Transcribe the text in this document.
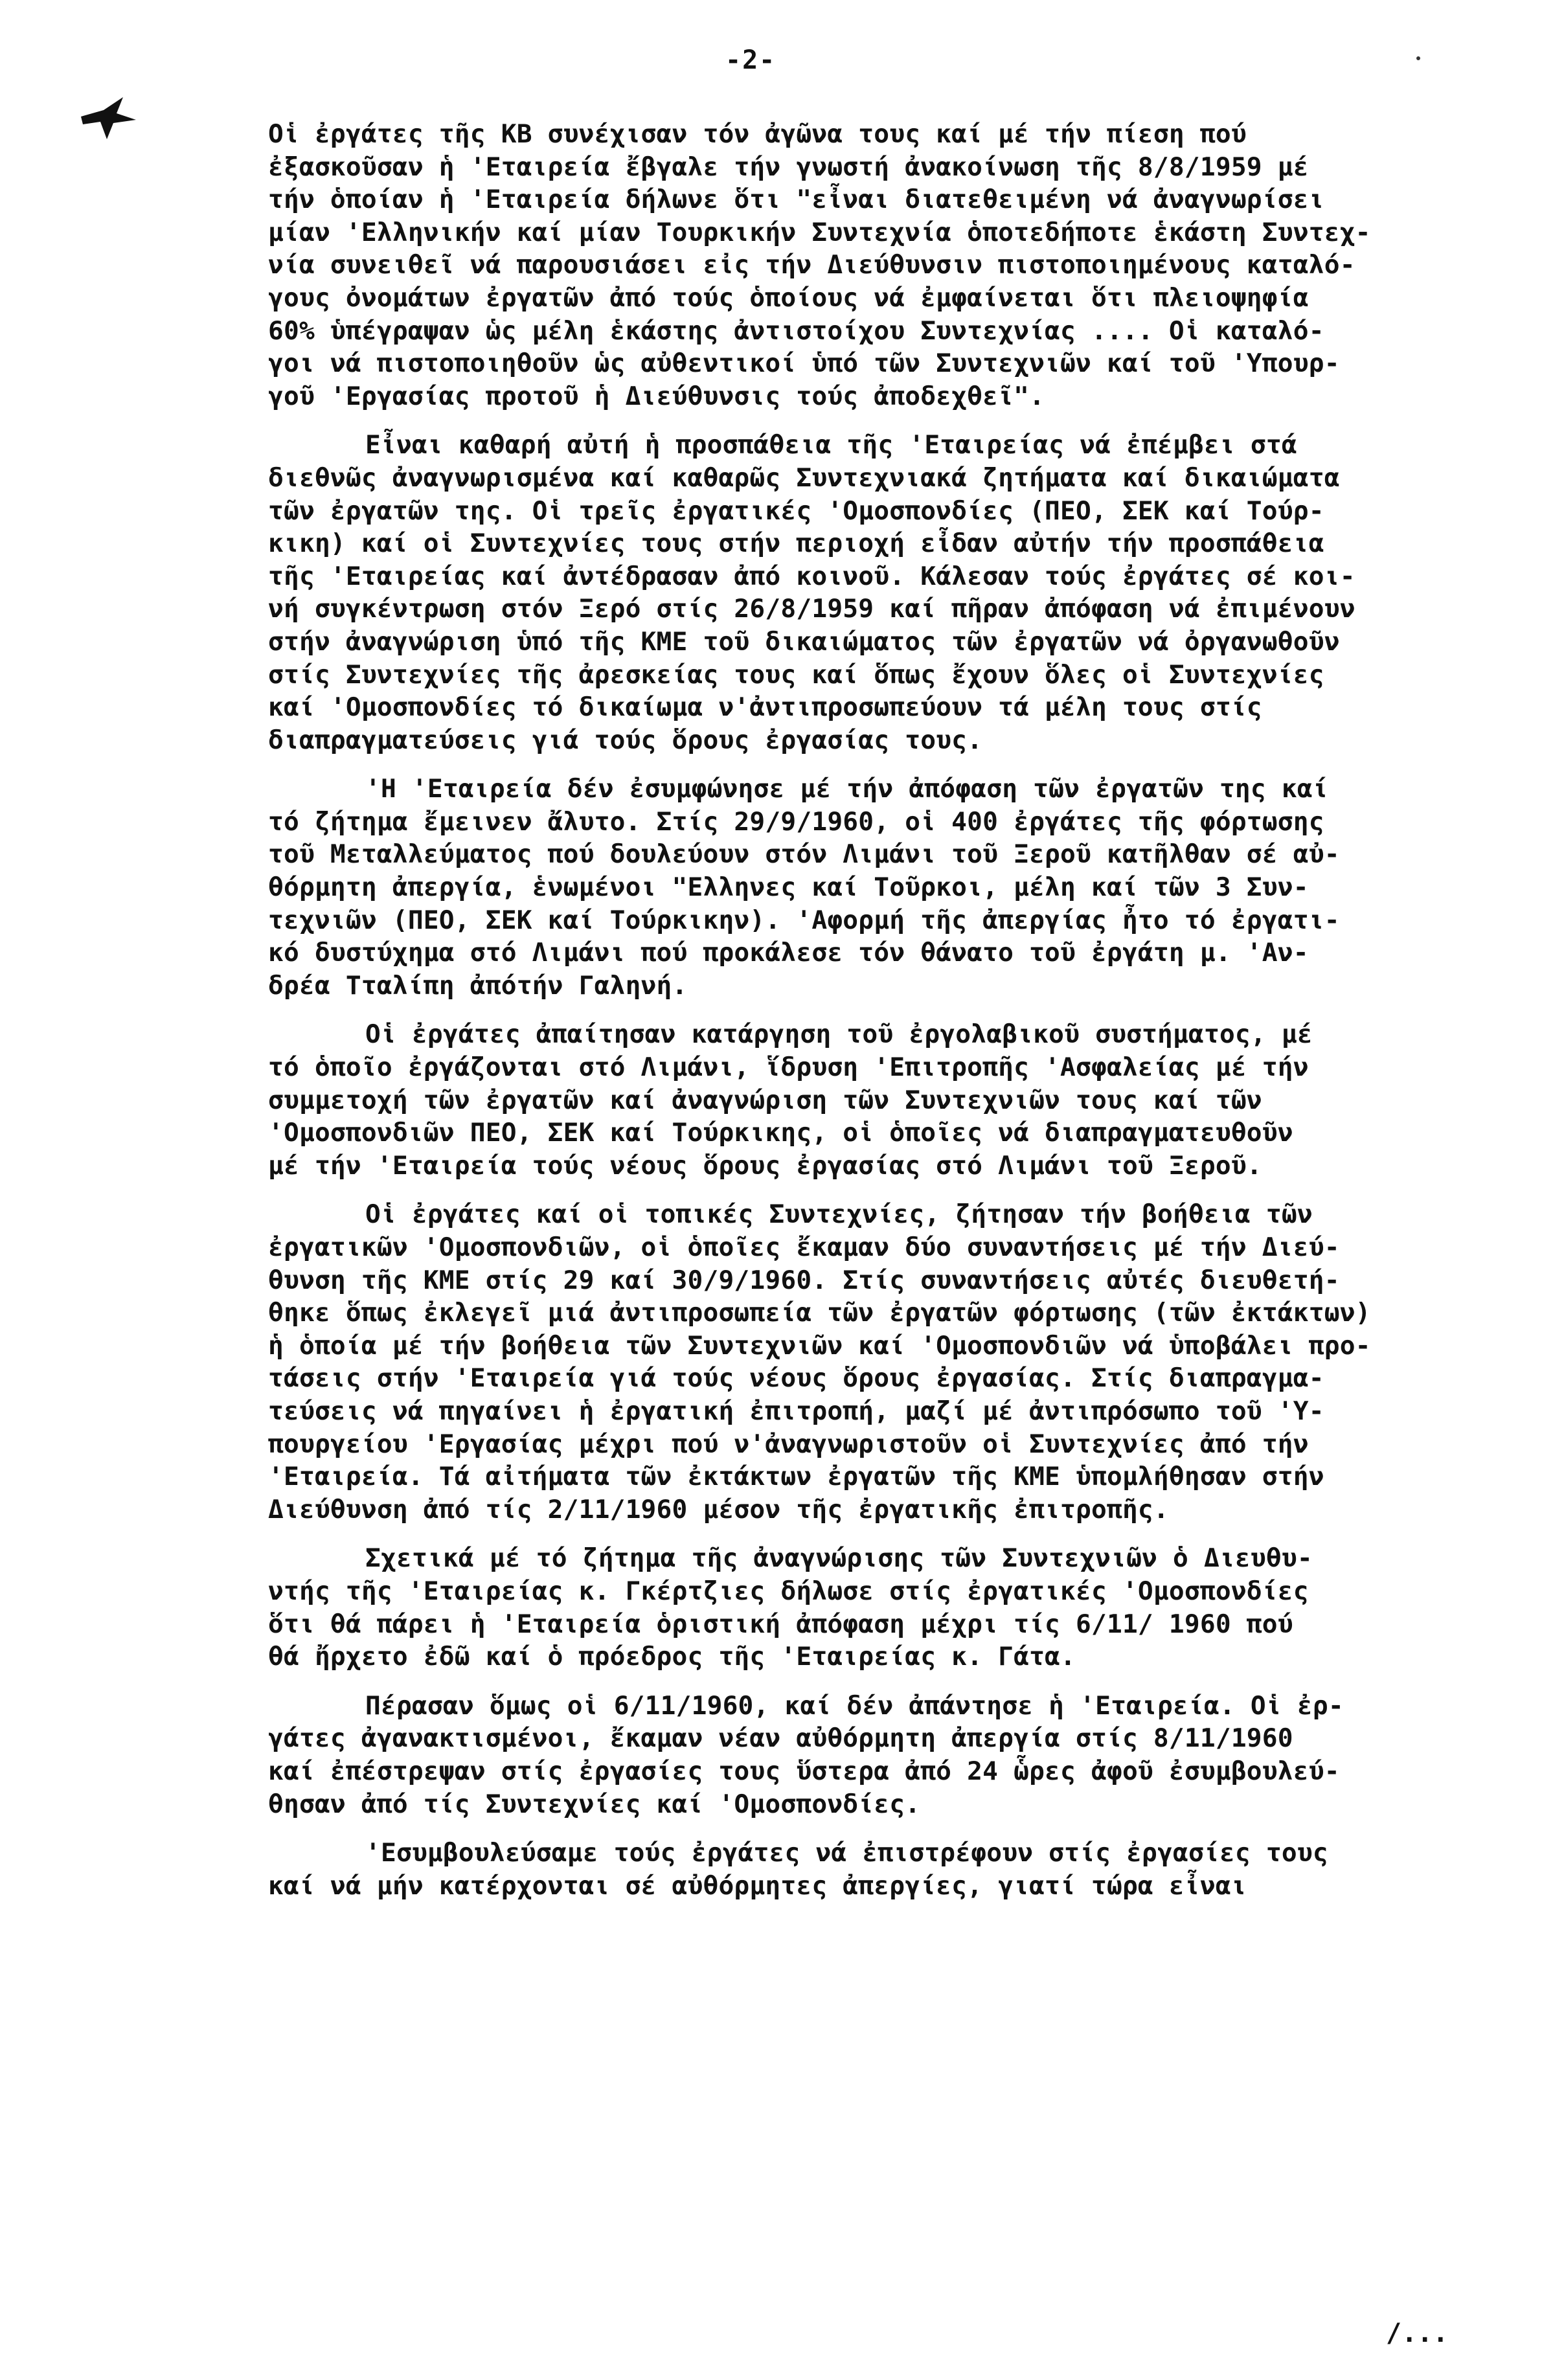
-2-
Οἱ ἐργάτες τῆς ΚΒ συνέχισαν τόν ἀγῶνα τους καί μέ τήν πίεση πού
ἐξασκοῦσαν ἡ 'Εταιρεία ἔβγαλε τήν γνωστή ἀνακοίνωση τῆς 8/8/1959 μέ
τήν ὁποίαν ἡ 'Εταιρεία δήλωνε ὅτι "εἶναι διατεθειμένη νά ἀναγνωρίσει
μίαν 'Ελληνικήν καί μίαν Τουρκικήν Συντεχνία ὁποτεδήποτε ἑκάστη Συντεχ-
νία συνειθεῖ νά παρουσιάσει εἰς τήν Διεύθυνσιν πιστοποιημένους καταλό-
γους ὀνομάτων ἐργατῶν ἀπό τούς ὁποίους νά ἐμφαίνεται ὅτι πλειοψηφία
60% ὑπέγραψαν ὡς μέλη ἑκάστης ἀντιστοίχου Συντεχνίας .... Οἱ καταλό-
γοι νά πιστοποιηθοῦν ὡς αὐθεντικοί ὑπό τῶν Συντεχνιῶν καί τοῦ 'Υπουρ-
γοῦ 'Εργασίας προτοῦ ἡ Διεύθυνσις τούς ἀποδεχθεῖ".
Εἶναι καθαρή αὐτή ἡ προσπάθεια τῆς 'Εταιρείας νά ἐπέμβει στά
διεθνῶς ἀναγνωρισμένα καί καθαρῶς Συντεχνιακά ζητήματα καί δικαιώματα
τῶν ἐργατῶν της. Οἱ τρεῖς ἐργατικές 'Ομοσπονδίες (ΠΕΟ, ΣΕΚ καί Τούρ-
κικη) καί οἱ Συντεχνίες τους στήν περιοχή εἶδαν αὐτήν τήν προσπάθεια
τῆς 'Εταιρείας καί ἀντέδρασαν ἀπό κοινοῦ. Κάλεσαν τούς ἐργάτες σέ κοι-
νή συγκέντρωση στόν Ξερό στίς 26/8/1959 καί πῆραν ἀπόφαση νά ἐπιμένουν
στήν ἀναγνώριση ὑπό τῆς ΚΜΕ τοῦ δικαιώματος τῶν ἐργατῶν νά ὀργανωθοῦν
στίς Συντεχνίες τῆς ἀρεσκείας τους καί ὅπως ἔχουν ὅλες οἱ Συντεχνίες
καί 'Ομοσπονδίες τό δικαίωμα ν'ἀντιπροσωπεύουν τά μέλη τους στίς
διαπραγματεύσεις γιά τούς ὅρους ἐργασίας τους.
'Η 'Εταιρεία δέν ἐσυμφώνησε μέ τήν ἀπόφαση τῶν ἐργατῶν της καί
τό ζήτημα ἔμεινεν ἄλυτο. Στίς 29/9/1960, οἱ 400 ἐργάτες τῆς φόρτωσης
τοῦ Μεταλλεύματος πού δουλεύουν στόν Λιμάνι τοῦ Ξεροῦ κατῆλθαν σέ αὐ-
θόρμητη ἀπεργία, ἑνωμένοι "Ελληνες καί Τοῦρκοι, μέλη καί τῶν 3 Συν-
τεχνιῶν (ΠΕΟ, ΣΕΚ καί Τούρκικην). 'Αφορμή τῆς ἀπεργίας ἦτο τό ἐργατι-
κό δυστύχημα στό Λιμάνι πού προκάλεσε τόν θάνατο τοῦ ἐργάτη μ. 'Αν-
δρέα Τταλίπη ἀπότήν Γαληνή.
Οἱ ἐργάτες ἀπαίτησαν κατάργηση τοῦ ἐργολαβικοῦ συστήματος, μέ
τό ὁποῖο ἐργάζονται στό Λιμάνι, ἵδρυση 'Επιτροπῆς 'Ασφαλείας μέ τήν
συμμετοχή τῶν ἐργατῶν καί ἀναγνώριση τῶν Συντεχνιῶν τους καί τῶν
'Ομοσπονδιῶν ΠΕΟ, ΣΕΚ καί Τούρκικης, οἱ ὁποῖες νά διαπραγματευθοῦν
μέ τήν 'Εταιρεία τούς νέους ὅρους ἐργασίας στό Λιμάνι τοῦ Ξεροῦ.
Οἱ ἐργάτες καί οἱ τοπικές Συντεχνίες, ζήτησαν τήν βοήθεια τῶν
ἐργατικῶν 'Ομοσπονδιῶν, οἱ ὁποῖες ἔκαμαν δύο συναντήσεις μέ τήν Διεύ-
θυνση τῆς ΚΜΕ στίς 29 καί 30/9/1960. Στίς συναντήσεις αὐτές διευθετή-
θηκε ὅπως ἐκλεγεῖ μιά ἀντιπροσωπεία τῶν ἐργατῶν φόρτωσης (τῶν ἐκτάκτων)
ἡ ὁποία μέ τήν βοήθεια τῶν Συντεχνιῶν καί 'Ομοσπονδιῶν νά ὑποβάλει προ-
τάσεις στήν 'Εταιρεία γιά τούς νέους ὅρους ἐργασίας. Στίς διαπραγμα-
τεύσεις νά πηγαίνει ἡ ἐργατική ἐπιτροπή, μαζί μέ ἀντιπρόσωπο τοῦ 'Υ-
πουργείου 'Εργασίας μέχρι πού ν'ἀναγνωριστοῦν οἱ Συντεχνίες ἀπό τήν
'Εταιρεία. Τά αἰτήματα τῶν ἐκτάκτων ἐργατῶν τῆς ΚΜΕ ὑπομλήθησαν στήν
Διεύθυνση ἀπό τίς 2/11/1960 μέσον τῆς ἐργατικῆς ἐπιτροπῆς.
Σχετικά μέ τό ζήτημα τῆς ἀναγνώρισης τῶν Συντεχνιῶν ὁ Διευθυ-
ντής τῆς 'Εταιρείας κ. Γκέρτζιες δήλωσε στίς ἐργατικές 'Ομοσπονδίες
ὅτι θά πάρει ἡ 'Εταιρεία ὁριστική ἀπόφαση μέχρι τίς 6/11/ 1960 πού
θά ἤρχετο ἐδῶ καί ὁ πρόεδρος τῆς 'Εταιρείας κ. Γάτα.
Πέρασαν ὅμως οἱ 6/11/1960, καί δέν ἀπάντησε ἡ 'Εταιρεία. Οἱ ἐρ-
γάτες ἀγανακτισμένοι, ἔκαμαν νέαν αὐθόρμητη ἀπεργία στίς 8/11/1960
καί ἐπέστρεψαν στίς ἐργασίες τους ὕστερα ἀπό 24 ὧρες ἀφοῦ ἐσυμβουλεύ-
θησαν ἀπό τίς Συντεχνίες καί 'Ομοσπονδίες.
'Εσυμβουλεύσαμε τούς ἐργάτες νά ἐπιστρέφουν στίς ἐργασίες τους
καί νά μήν κατέρχονται σέ αὐθόρμητες ἀπεργίες, γιατί τώρα εἶναι
/...
